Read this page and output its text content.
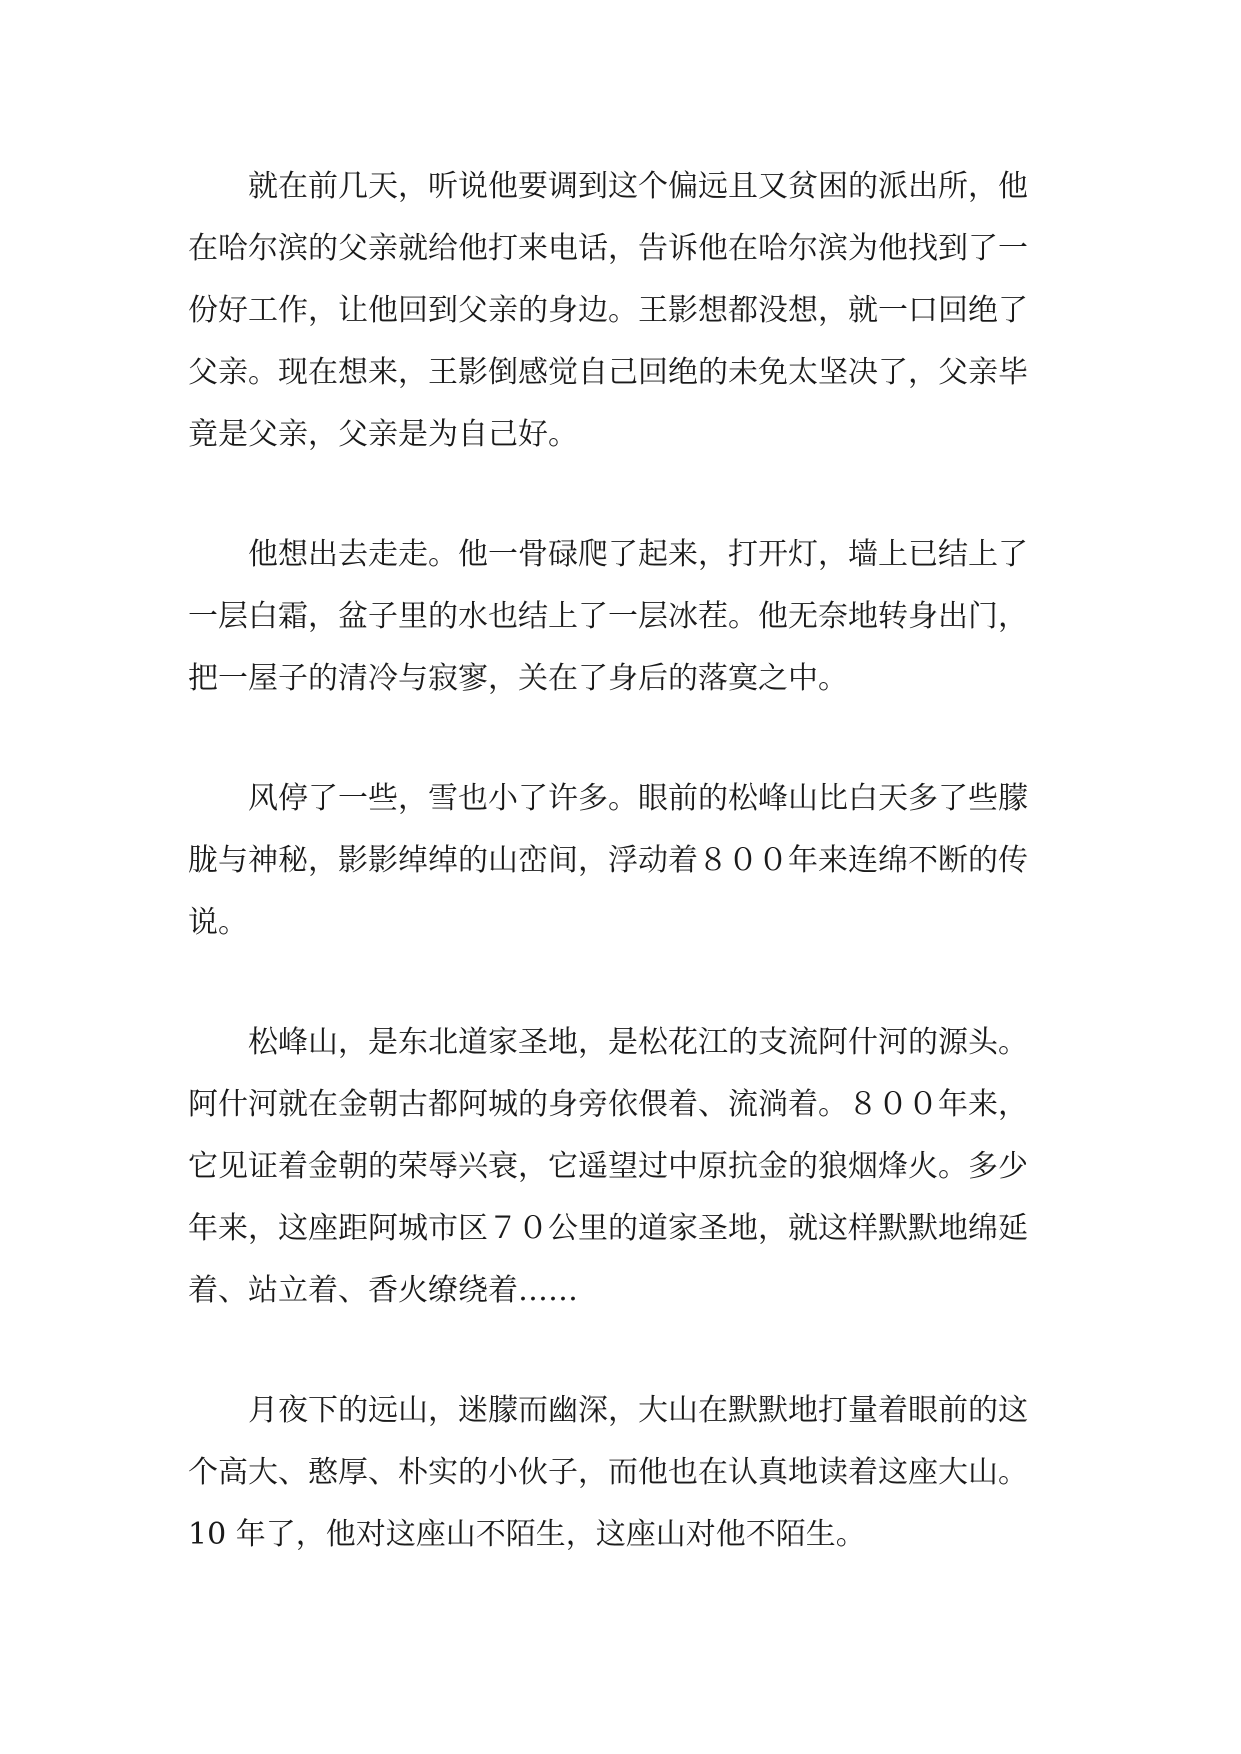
就在前几天，听说他要调到这个偏远且又贫困的派出所，他
在哈尔滨的父亲就给他打来电话，告诉他在哈尔滨为他找到了一
份好工作，让他回到父亲的身边。王影想都没想，就一口回绝了
父亲。现在想来，王影倒感觉自己回绝的未免太坚决了，父亲毕
竟是父亲，父亲是为自己好。
他想出去走走。他一骨碌爬了起来，打开灯，墙上已结上了
一层白霜，盆子里的水也结上了一层冰茬。他无奈地转身出门，
把一屋子的清冷与寂寥，关在了身后的落寞之中。
风停了一些，雪也小了许多。眼前的松峰山比白天多了些朦
胧与神秘，影影绰绰的山峦间，浮动着８００年来连绵不断的传
说。
松峰山，是东北道家圣地，是松花江的支流阿什河的源头。
阿什河就在金朝古都阿城的身旁依偎着、流淌着。８００年来，
它见证着金朝的荣辱兴衰，它遥望过中原抗金的狼烟烽火。多少
年来，这座距阿城市区７０公里的道家圣地，就这样默默地绵延
着、站立着、香火缭绕着……
月夜下的远山，迷朦而幽深，大山在默默地打量着眼前的这
个高大、憨厚、朴实的小伙子，而他也在认真地读着这座大山。
10 年了，他对这座山不陌生，这座山对他不陌生。
